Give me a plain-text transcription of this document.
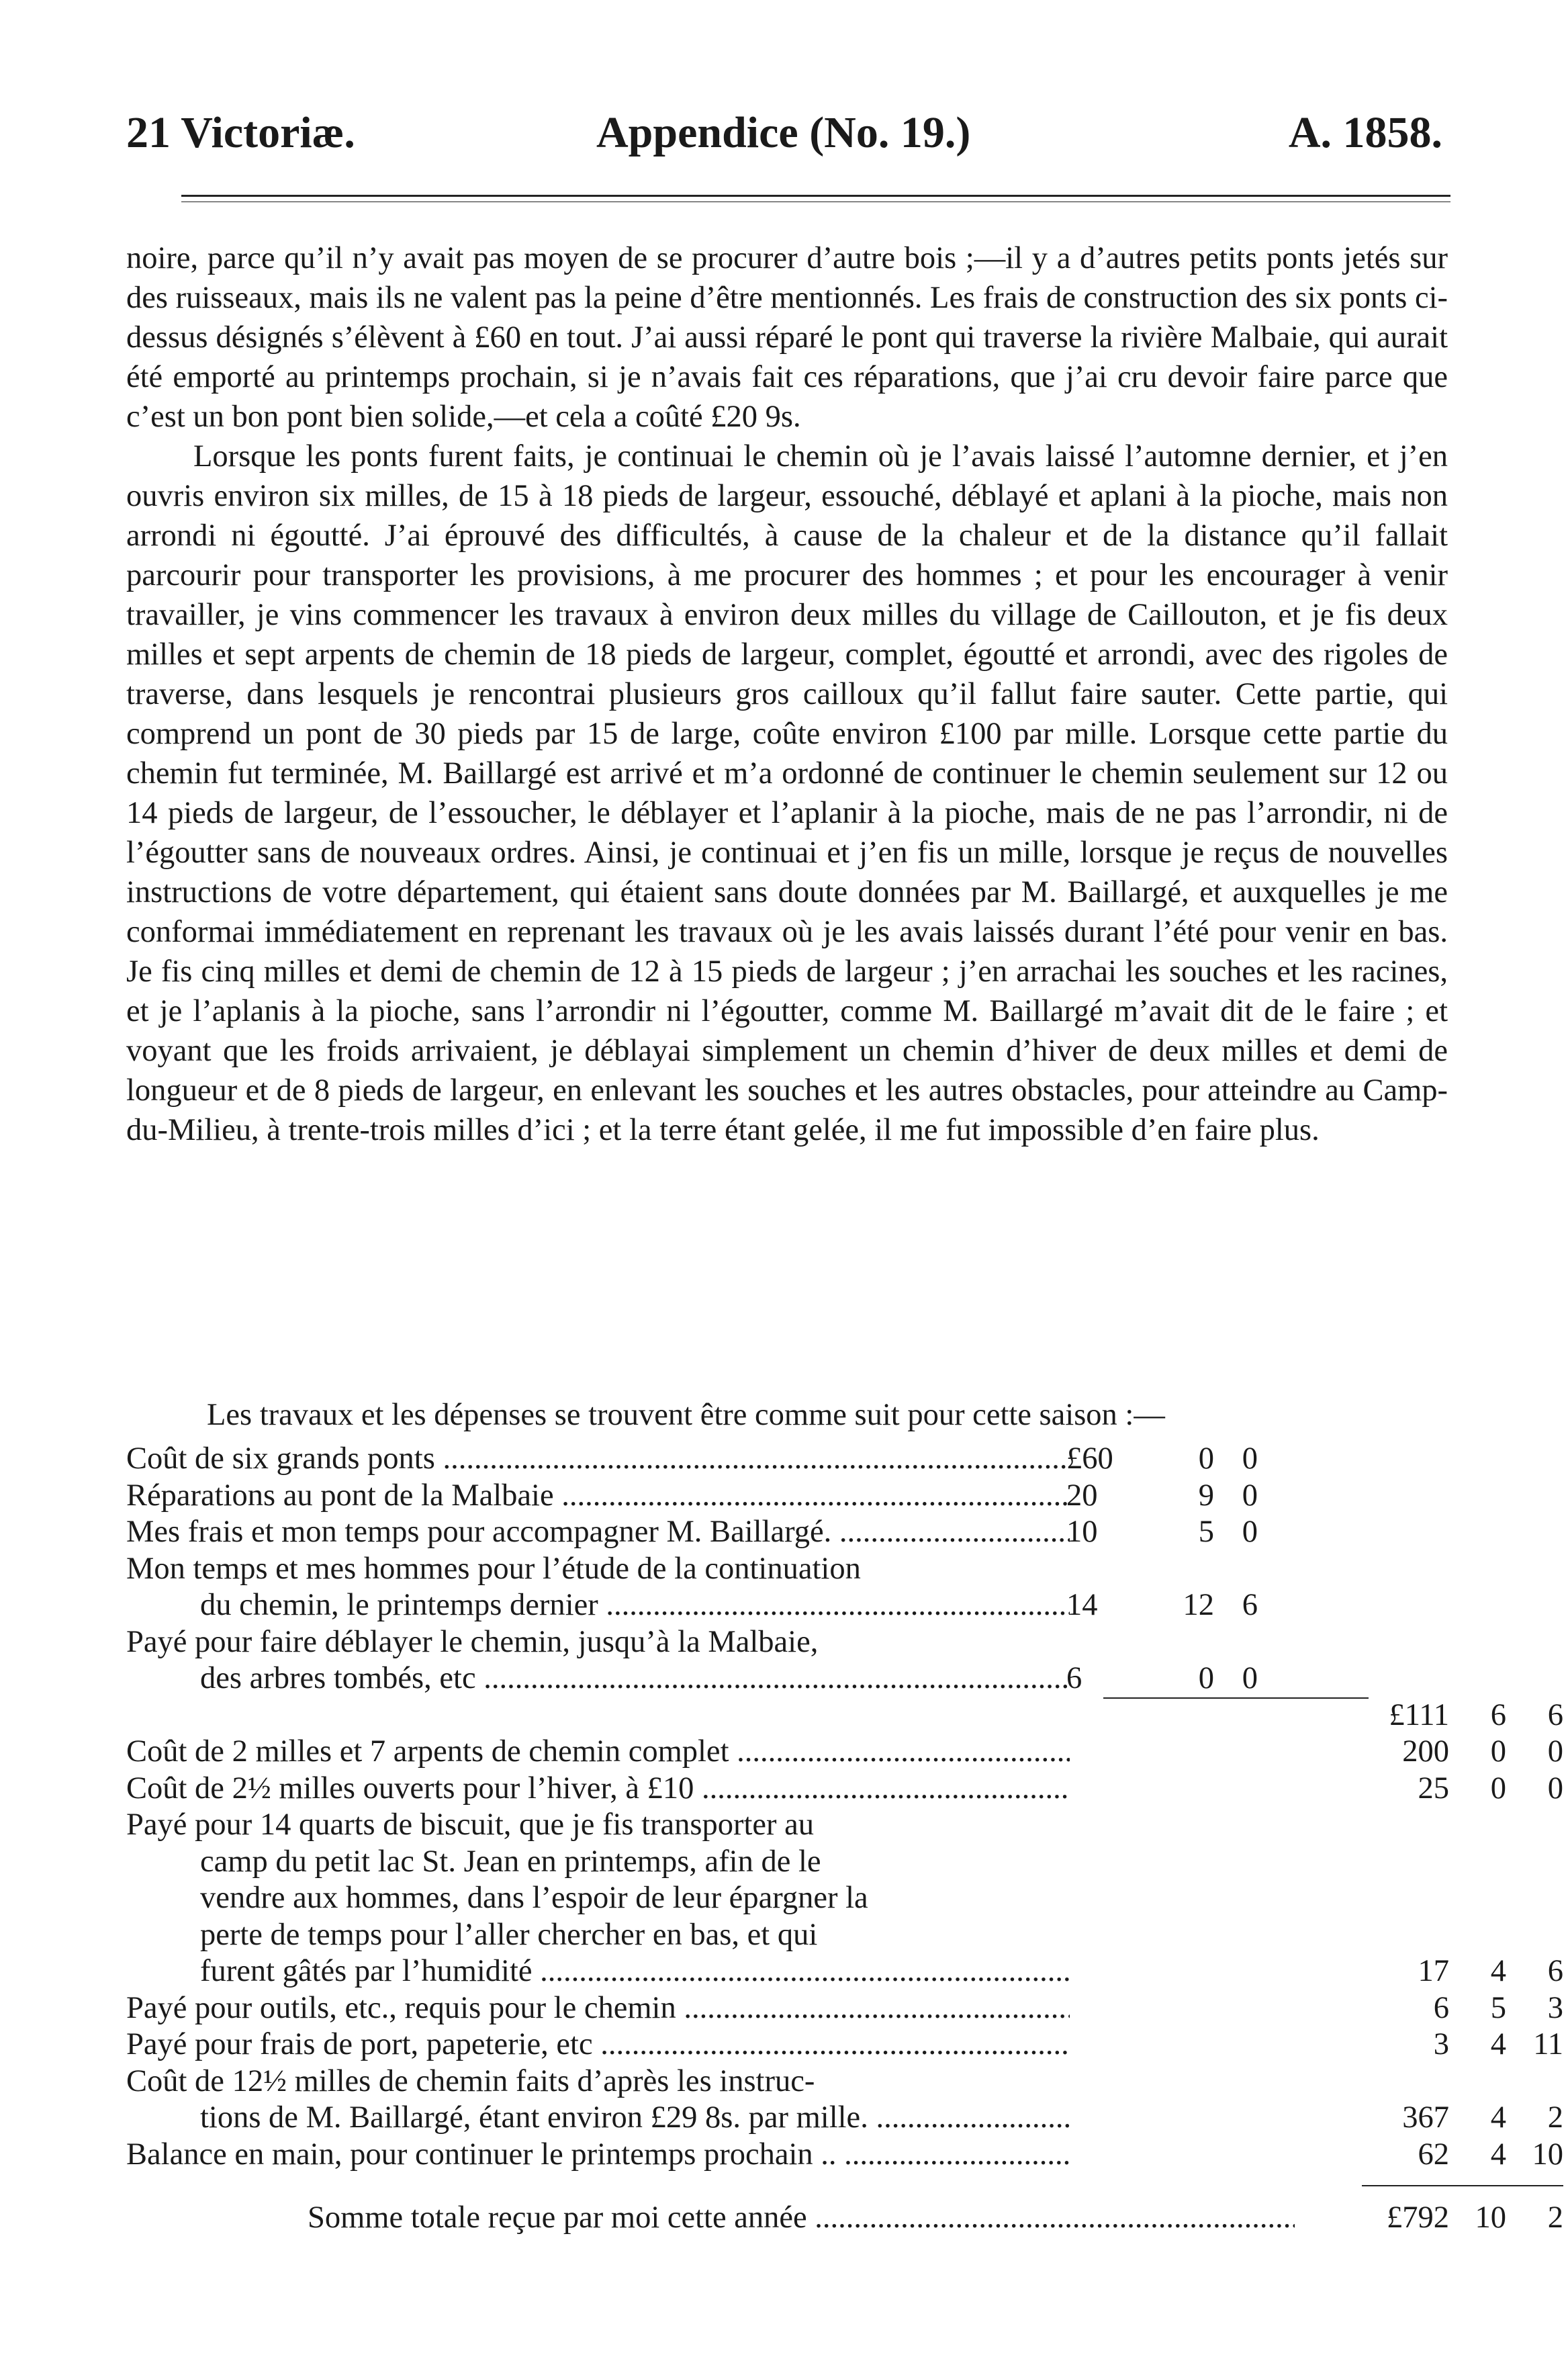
21 Victoriæ.	Appendice (No. 19.)	A. 1858.

noire, parce qu’il n’y avait pas moyen de se procurer d’autre bois ;—il y a d’autres petits ponts jetés sur des ruisseaux, mais ils ne valent pas la peine d’être mentionnés. Les frais de construction des six ponts ci-dessus désignés s’élèvent à £60 en tout. J’ai aussi réparé le pont qui traverse la rivière Malbaie, qui aurait été emporté au printemps prochain, si je n’avais fait ces réparations, que j’ai cru devoir faire parce que c’est un bon pont bien solide,—et cela a coûté £20 9s.

Lorsque les ponts furent faits, je continuai le chemin où je l’avais laissé l’automne dernier, et j’en ouvris environ six milles, de 15 à 18 pieds de largeur, essouché, déblayé et aplani à la pioche, mais non arrondi ni égoutté. J’ai éprouvé des difficultés, à cause de la chaleur et de la distance qu’il fallait parcourir pour transporter les provisions, à me procurer des hommes ; et pour les encourager à venir travailler, je vins commencer les travaux à environ deux milles du village de Caillouton, et je fis deux milles et sept arpents de chemin de 18 pieds de largeur, complet, égoutté et arrondi, avec des rigoles de traverse, dans lesquels je rencontrai plusieurs gros cailloux qu’il fallut faire sauter. Cette partie, qui comprend un pont de 30 pieds par 15 de large, coûte environ £100 par mille. Lorsque cette partie du chemin fut terminée, M. Baillargé est arrivé et m’a ordonné de continuer le chemin seulement sur 12 ou 14 pieds de largeur, de l’essoucher, le déblayer et l’aplanir à la pioche, mais de ne pas l’arrondir, ni de l’égoutter sans de nouveaux ordres. Ainsi, je continuai et j’en fis un mille, lorsque je reçus de nouvelles instructions de votre département, qui étaient sans doute données par M. Baillargé, et auxquelles je me conformai immédiatement en reprenant les travaux où je les avais laissés durant l’été pour venir en bas. Je fis cinq milles et demi de chemin de 12 à 15 pieds de largeur ; j’en arrachai les souches et les racines, et je l’aplanis à la pioche, sans l’arrondir ni l’égoutter, comme M. Baillargé m’avait dit de le faire ; et voyant que les froids arrivaient, je déblayai simplement un chemin d’hiver de deux milles et demi de longueur et de 8 pieds de largeur, en enlevant les souches et les autres obstacles, pour atteindre au Camp-du-Milieu, à trente-trois milles d’ici ; et la terre étant gelée, il me fut impossible d’en faire plus.

Les travaux et les dépenses se trouvent être comme suit pour cette saison :—
Coût de six grands ponts .....	£60	0 0
Réparations au pont de la Malbaie .....	20	9 0
Mes frais et mon temps pour accompagner M. Baillargé. .....	10	5 0
Mon temps et mes hommes pour l’étude de la continuation
du chemin, le printemps dernier .....	14	12 6
Payé pour faire déblayer le chemin, jusqu’à la Malbaie,
des arbres tombés, etc .....	6	0 0
£111	6	6
Coût de 2 milles et 7 arpents de chemin complet .....	200	0	0
Coût de 2½ milles ouverts pour l’hiver, à £10 .....	25	0	0
Payé pour 14 quarts de biscuit, que je fis transporter au
camp du petit lac St. Jean en printemps, afin de le
vendre aux hommes, dans l’espoir de leur épargner la
perte de temps pour l’aller chercher en bas, et qui
furent gâtés par l’humidité .....	17	4	6
Payé pour outils, etc., requis pour le chemin .....	6	5	3
Payé pour frais de port, papeterie, etc .....	3	4 11
Coût de 12½ milles de chemin faits d’après les instruc-
tions de M. Baillargé, étant environ £29 8s. par mille. .....	367	4	2
Balance en main, pour continuer le printemps prochain .. .....	62	4 10
Somme totale reçue par moi cette année .....	£792 10	2
